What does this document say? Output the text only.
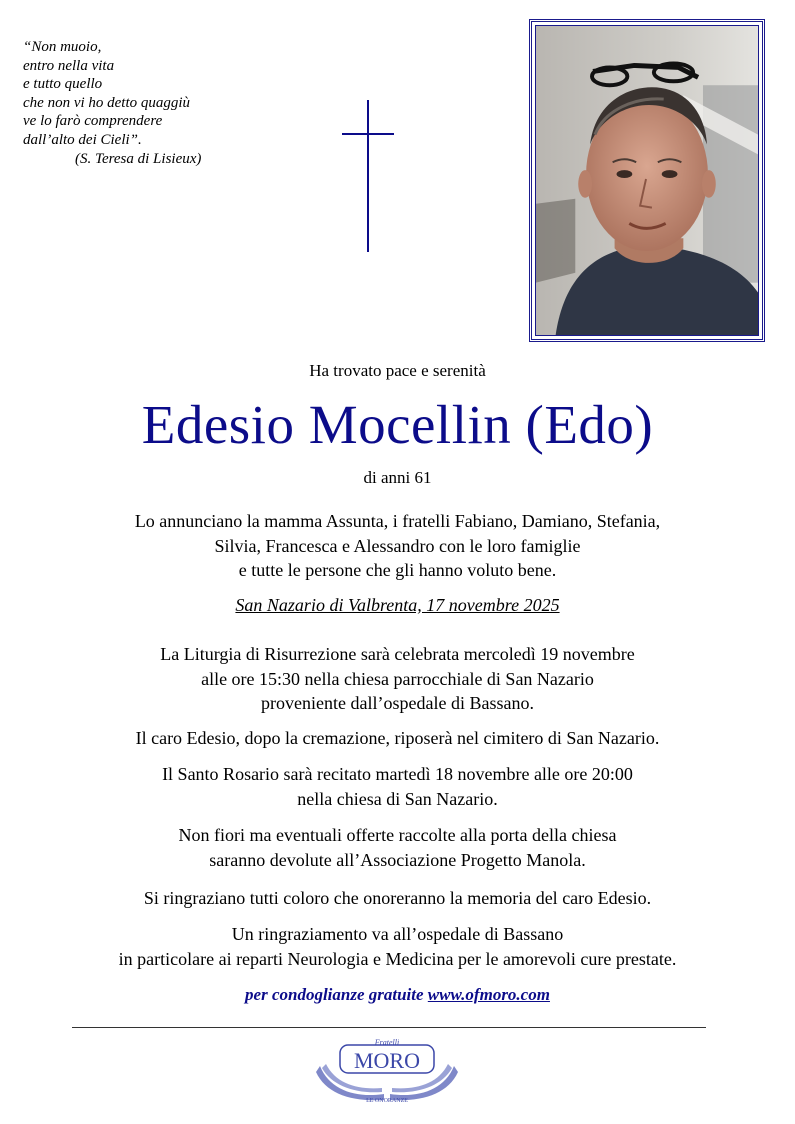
“Non muoio,
entro nella vita
e tutto quello
che non vi ho detto quaggiù
ve lo farò comprendere
dall’alto dei Cieli”.
(S. Teresa di Lisieux)
Ha trovato pace e serenità
Edesio Mocellin (Edo)
di anni 61
Lo annunciano la mamma Assunta, i fratelli Fabiano, Damiano, Stefania,
Silvia, Francesca e Alessandro con le loro famiglie
e tutte le persone che gli hanno voluto bene.
San Nazario di Valbrenta, 17 novembre 2025
La Liturgia di Risurrezione sarà celebrata mercoledì 19 novembre
alle ore 15:30 nella chiesa parrocchiale di San Nazario
proveniente dall’ospedale di Bassano.
Il caro Edesio, dopo la cremazione, riposerà nel cimitero di San Nazario.
Il Santo Rosario sarà recitato martedì 18 novembre alle ore 20:00
nella chiesa di San Nazario.
Non fiori ma eventuali offerte raccolte alla porta della chiesa
saranno devolute all’Associazione Progetto Manola.
Si ringraziano tutti coloro che onoreranno la memoria del caro Edesio.
Un ringraziamento va all’ospedale di Bassano
in particolare ai reparti Neurologia e Medicina per le amorevoli cure prestate.
per condoglianze gratuite www.ofmoro.com
Fratelli
MORO
LE ONORANZE
